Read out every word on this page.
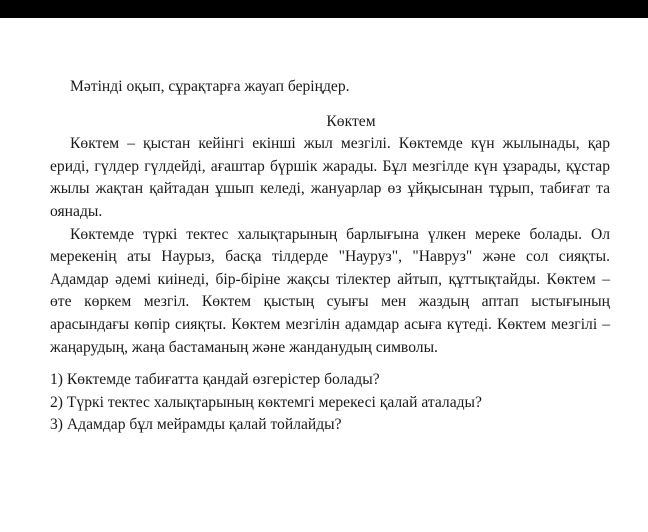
Мәтінді оқып, сұрақтарға жауап беріңдер.
Көктем

Көктем – қыстан кейінгі екінші жыл мезгілі. Көктемде күн жылынады, қар ериді, гүлдер гүлдейді, ағаштар бүршік жарады. Бұл мезгілде күн ұзарады, құстар жылы жақтан қайтадан ұшып келеді, жануарлар өз ұйқысынан тұрып, табиғат та оянады.

Көктемде түркі тектес халықтарының барлығына үлкен мереке болады. Ол мерекенің аты Наурыз, басқа тілдерде "Науруз", "Навруз" және сол сияқты. Адамдар әдемі киінеді, бір-біріне жақсы тілектер айтып, құттықтайды. Көктем – өте көркем мезгіл. Көктем қыстың суығы мен жаздың аптап ыстығының арасындағы көпір сияқты. Көктем мезгілін адамдар асыға күтеді. Көктем мезгілі – жаңарудың, жаңа бастаманың және жанданудың символы.

1) Көктемде табиғатта қандай өзгерістер болады?
2) Түркі тектес халықтарының көктемгі мерекесі қалай аталады?
3) Адамдар бұл мейрамды қалай тойлайды?
